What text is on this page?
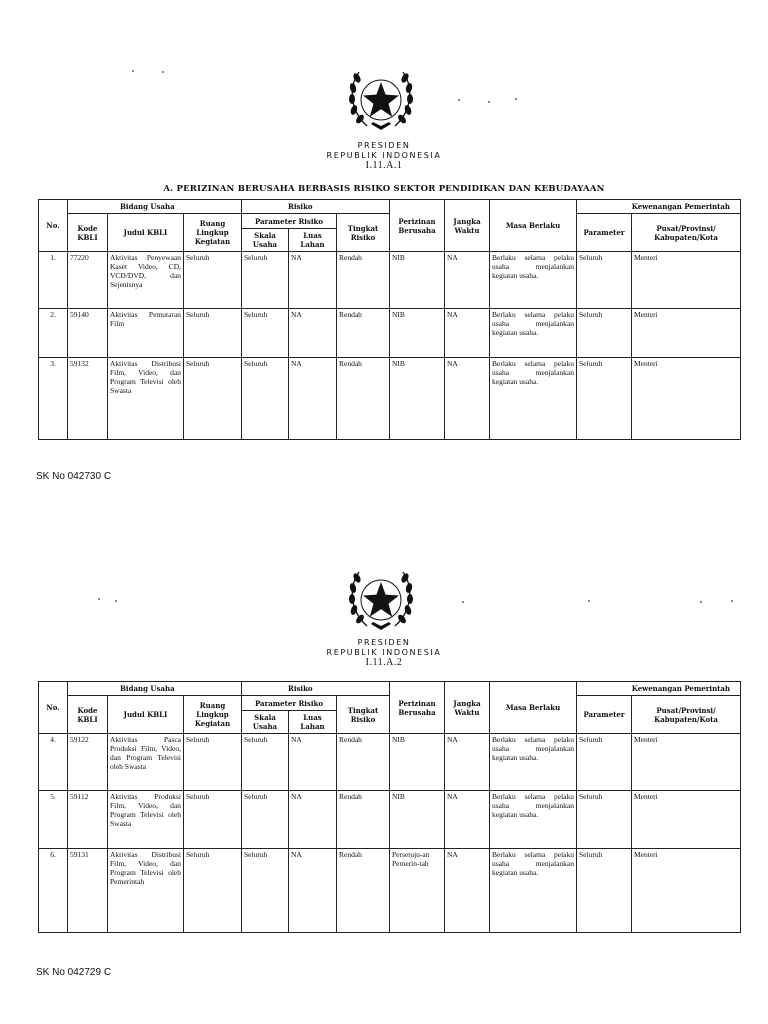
PRESIDEN
REPUBLIK INDONESIA
I.11.A.1
A. PERIZINAN BERUSAHA BERBASIS RISIKO SEKTOR PENDIDIKAN DAN KEBUDAYAAN
No.	Bidang Usaha			Risiko			Perizinan Berusaha	Jangka Waktu	Masa Berlaku	Kewenangan Pemerintah	
	Kode KBLI	Judul KBLI	Ruang Lingkup Kegiatan	Parameter Risiko		Tingkat Risiko				Parameter	Pusat/Provinsi/ Kabupaten/Kota
				Skala Usaha	Luas Lahan						
1.	77220	Aktivitas Penyewaan Kaset Video, CD, VCD/DVD, dan Sejenisnya	Seluruh	Seluruh	NA	Rendah	NIB	NA	Berlaku selama pelaku usaha menjalankan kegiatan usaha.	Seluruh	Menteri
2.	59140	Aktivitas Pemutaran Film	Seluruh	Seluruh	NA	Rendah	NIB	NA	Berlaku selama pelaku usaha menjalankan kegiatan usaha.	Seluruh	Menteri
3.	59132	Aktivitas Distribusi Film, Video, dan Program Televisi oleh Swasta	Seluruh	Seluruh	NA	Rendah	NIB	NA	Berlaku selama pelaku usaha menjalankan kegiatan usaha.	Seluruh	Menteri
SK No 042730 C
PRESIDEN
REPUBLIK INDONESIA
I.11.A.2
No.	Bidang Usaha			Risiko			Perizinan Berusaha	Jangka Waktu	Masa Berlaku	Kewenangan Pemerintah	
	Kode KBLI	Judul KBLI	Ruang Lingkup Kegiatan	Parameter Risiko		Tingkat Risiko				Parameter	Pusat/Provinsi/ Kabupaten/Kota
				Skala Usaha	Luas Lahan						
4.	59122	Aktivitas Pasca Produksi Film, Video, dan Program Televisi oleh Swasta	Seluruh	Seluruh	NA	Rendah	NIB	NA	Berlaku selama pelaku usaha menjalankan kegiatan usaha.	Seluruh	Menteri
5.	59112	Aktivitas Produksi Film, Video, dan Program Televisi oleh Swasta	Seluruh	Seluruh	NA	Rendah	NIB	NA	Berlaku selama pelaku usaha menjalankan kegiatan usaha.	Seluruh	Menteri
6.	59131	Aktivitas Distribusi Film, Video, dan Program Televisi oleh Pemerintah	Seluruh	Seluruh	NA	Rendah	Persetuju-an Pemerin-tah	NA	Berlaku selama pelaku usaha menjalankan kegiatan usaha.	Seluruh	Menteri
SK No 042729 C
